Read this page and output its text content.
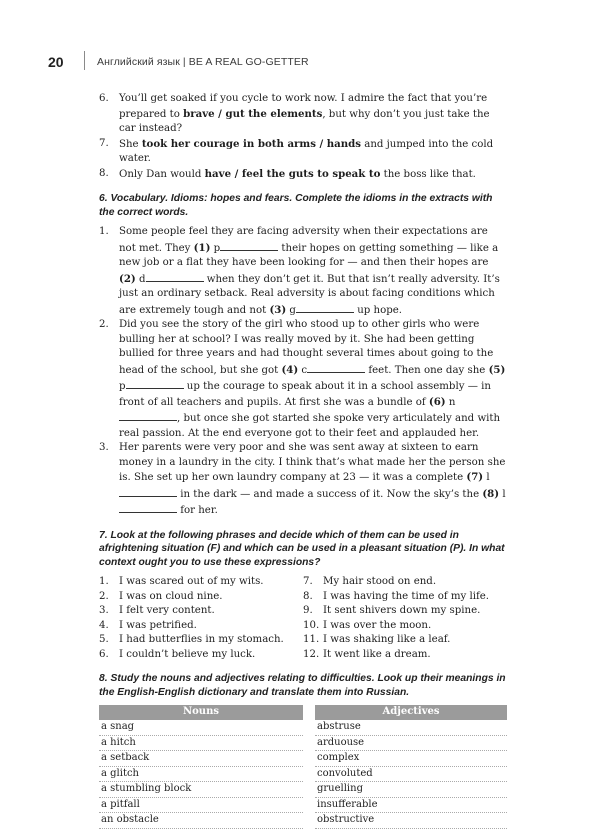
20	Английский язык | BE A REAL GO-GETTER
6. You’ll get soaked if you cycle to work now. I admire the fact that you’re prepared to brave / gut the elements, but why don’t you just take the car instead?
7. She took her courage in both arms / hands and jumped into the cold water.
8. Only Dan would have / feel the guts to speak to the boss like that.
6. Vocabulary. Idioms: hopes and fears. Complete the idioms in the extracts with the correct words.
1. Some people feel they are facing adversity when their expectations are not met. They (1) p	their hopes on getting something — like a new job or a flat they have been looking for — and then their hopes are (2) d	when they don’t get it. But that isn’t really adversity. It’s just an ordinary setback. Real adversity is about facing conditions which are extremely tough and not (3) g	up hope.
2. Did you see the story of the girl who stood up to other girls who were bulling her at school? I was really moved by it. She had been getting bullied for three years and had thought several times about going to the head of the school, but she got (4) c	feet. Then one day she (5) p	up the courage to speak about it in a school assembly — in front of all teachers and pupils. At first she was a bundle of (6) n, but once she got started she spoke very articulately and with real passion. At the end everyone got to their feet and applauded her.
3. Her parents were very poor and she was sent away at sixteen to earn money in a laundry in the city. I think that’s what made her the person she is. She set up her own laundry company at 23 — it was a complete (7) l in the dark — and made a success of it. Now the sky’s the (8) l for her.
7. Look at the following phrases and decide which of them can be used in afrightening situation (F) and which can be used in a pleasant situation (P). In what context ought you to use these expressions?
1. I was scared out of my wits.
2. I was on cloud nine.
3. I felt very content.
4. I was petrified.
5. I had butterflies in my stomach.
6. I couldn’t believe my luck.
7. My hair stood on end.
8. I was having the time of my life.
9. It sent shivers down my spine.
10. I was over the moon.
11. I was shaking like a leaf.
12. It went like a dream.
8. Study the nouns and adjectives relating to difficulties. Look up their meanings in the English-English dictionary and translate them into Russian.
Nouns		Adjectives
a snag		abstruse
a hitch		arduouse
a setback		complex
a glitch		convoluted
a stumbling block		gruelling
a pitfall		insufferable
an obstacle		obstructive
